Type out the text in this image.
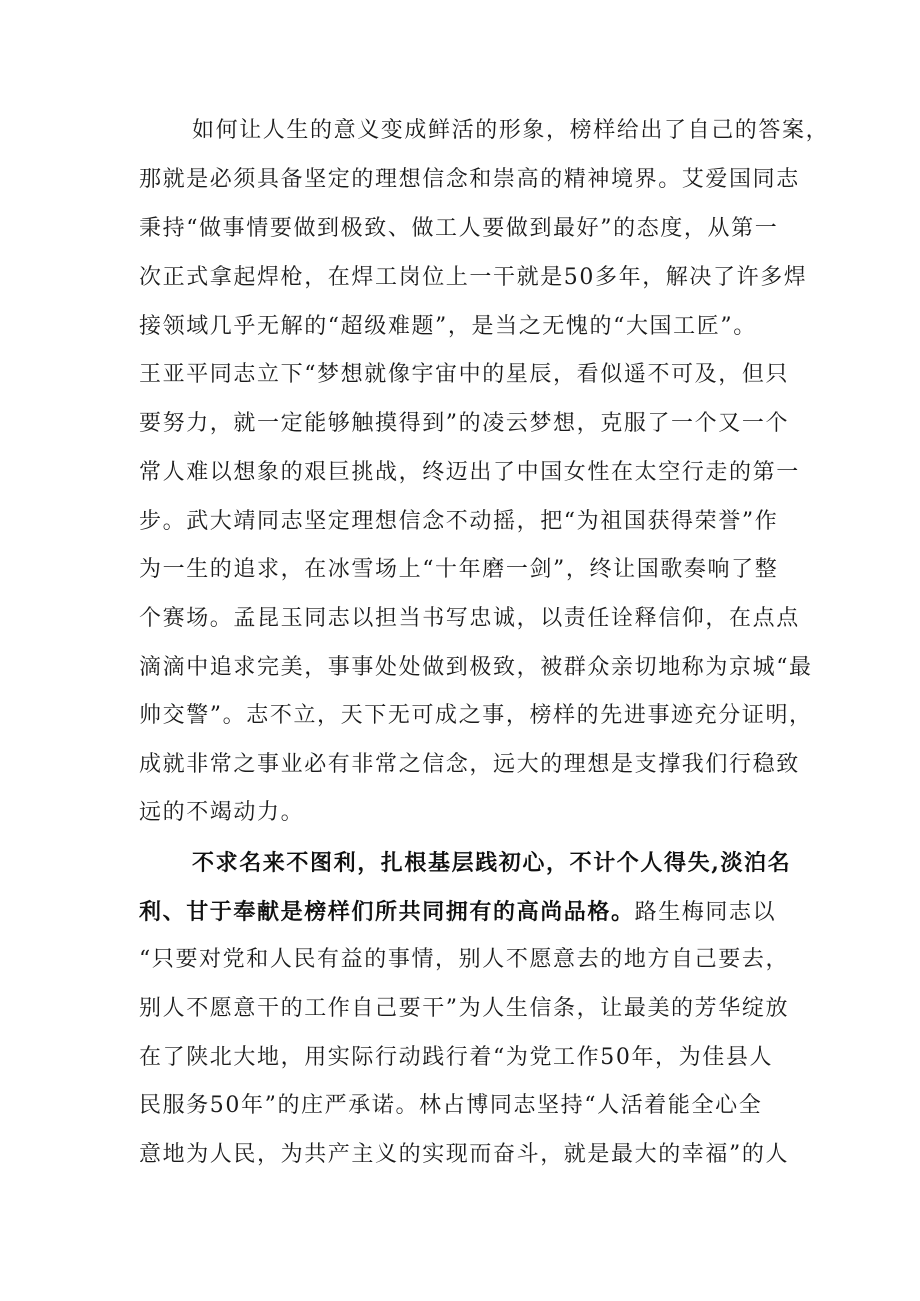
如何让人生的意义变成鲜活的形象，榜样给出了自己的答案，
那就是必须具备坚定的理想信念和崇高的精神境界。艾爱国同志
秉持“做事情要做到极致、做工人要做到最好”的态度，从第一
次正式拿起焊枪，在焊工岗位上一干就是50多年，解决了许多焊
接领域几乎无解的“超级难题”，是当之无愧的“大国工匠”。
王亚平同志立下“梦想就像宇宙中的星辰，看似遥不可及，但只
要努力，就一定能够触摸得到”的凌云梦想，克服了一个又一个
常人难以想象的艰巨挑战，终迈出了中国女性在太空行走的第一
步。武大靖同志坚定理想信念不动摇，把“为祖国获得荣誉”作
为一生的追求，在冰雪场上“十年磨一剑”，终让国歌奏响了整
个赛场。孟昆玉同志以担当书写忠诚，以责任诠释信仰，在点点
滴滴中追求完美，事事处处做到极致，被群众亲切地称为京城“最
帅交警”。志不立，天下无可成之事，榜样的先进事迹充分证明，
成就非常之事业必有非常之信念，远大的理想是支撑我们行稳致
远的不竭动力。
不求名来不图利，扎根基层践初心，不计个人得失,淡泊名
利、甘于奉献是榜样们所共同拥有的高尚品格。路生梅同志以
“只要对党和人民有益的事情，别人不愿意去的地方自己要去，
别人不愿意干的工作自己要干”为人生信条，让最美的芳华绽放
在了陕北大地，用实际行动践行着“为党工作50年，为佳县人
民服务50年”的庄严承诺。林占博同志坚持“人活着能全心全
意地为人民，为共产主义的实现而奋斗，就是最大的幸福”的人
